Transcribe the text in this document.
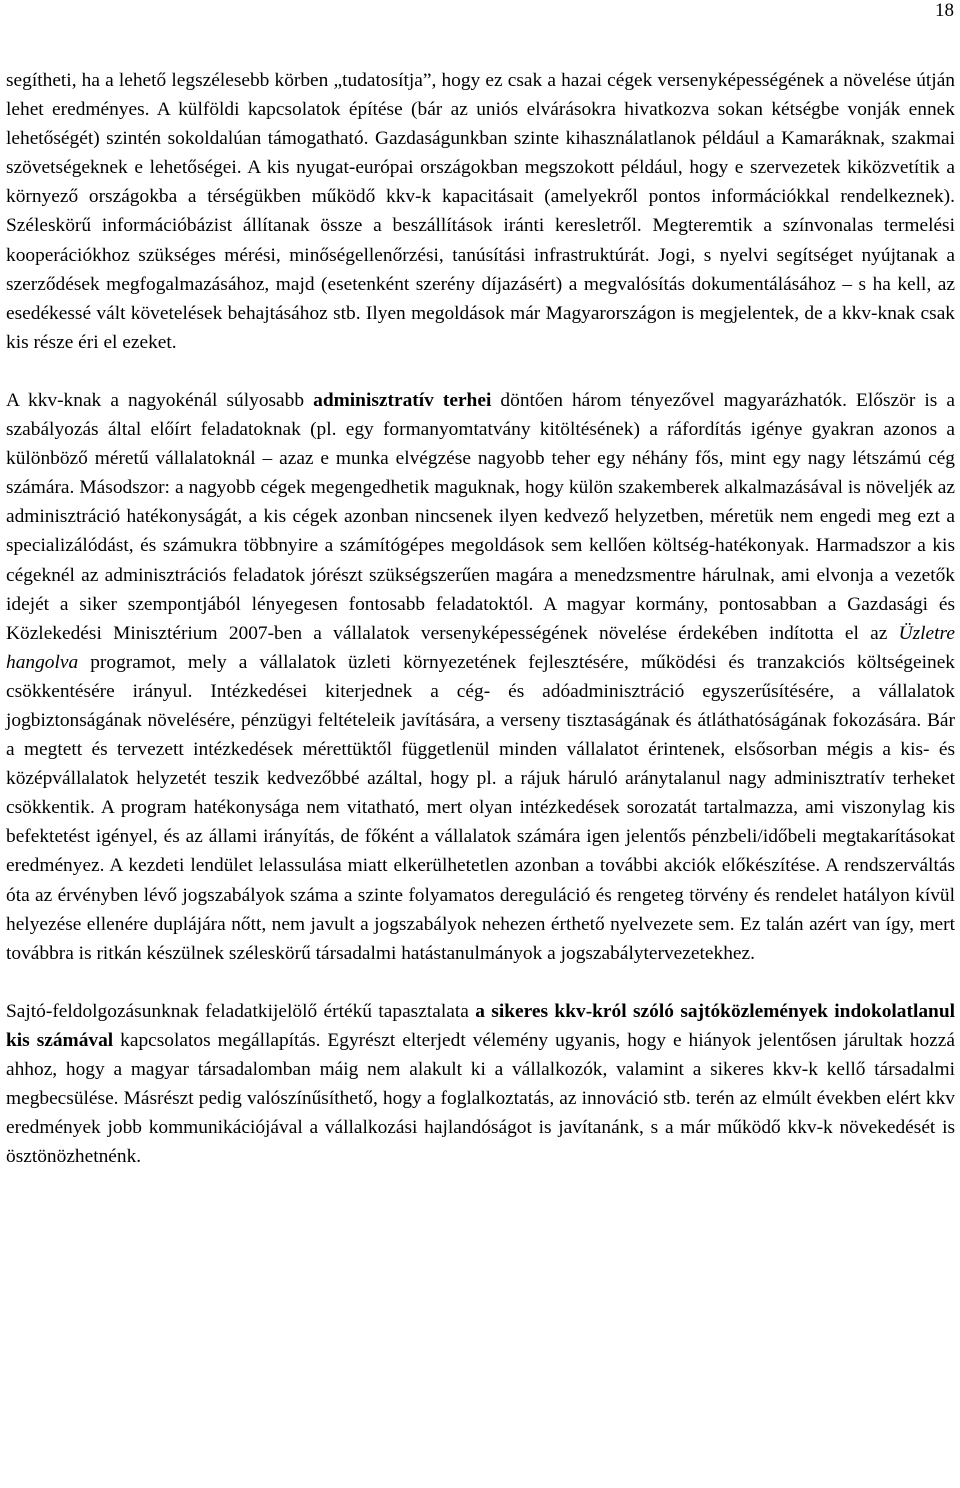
18

segítheti, ha a lehető legszélesebb körben „tudatosítja”, hogy ez csak a hazai cégek versenyképességének a növelése útján lehet eredményes. A külföldi kapcsolatok építése (bár az uniós elvárásokra hivatkozva sokan kétségbe vonják ennek lehetőségét) szintén sokoldalúan támogatható. Gazdaságunkban szinte kihasználatlanok például a Kamaráknak, szakmai szövetségeknek e lehetőségei. A kis nyugat-európai országokban megszokott például, hogy e szervezetek kiközvetítik a környező országokba a térségükben működő kkv-k kapacitásait (amelyekről pontos információkkal rendelkeznek). Széleskörű információbázist állítanak össze a beszállítások iránti keresletről. Megteremtik a színvonalas termelési kooperációkhoz szükséges mérési, minőségellenőrzési, tanúsítási infrastruktúrát. Jogi, s nyelvi segítséget nyújtanak a szerződések megfogalmazásához, majd (esetenként szerény díjazásért) a megvalósítás dokumentálásához – s ha kell, az esedékessé vált követelések behajtásához stb. Ilyen megoldások már Magyarországon is megjelentek, de a kkv-knak csak kis része éri el ezeket.

A kkv-knak a nagyokénál súlyosabb adminisztratív terhei döntően három tényezővel magyarázhatók. Először is a szabályozás által előírt feladatoknak (pl. egy formanyomtatvány kitöltésének) a ráfordítás igénye gyakran azonos a különböző méretű vállalatoknál – azaz e munka elvégzése nagyobb teher egy néhány fős, mint egy nagy létszámú cég számára. Másodszor: a nagyobb cégek megengedhetik maguknak, hogy külön szakemberek alkalmazásával is növeljék az adminisztráció hatékonyságát, a kis cégek azonban nincsenek ilyen kedvező helyzetben, méretük nem engedi meg ezt a specializálódást, és számukra többnyire a számítógépes megoldások sem kellően költség-hatékonyak. Harmadszor a kis cégeknél az adminisztrációs feladatok jórészt szükségszerűen magára a menedzsmentre hárulnak, ami elvonja a vezetők idejét a siker szempontjából lényegesen fontosabb feladatoktól. A magyar kormány, pontosabban a Gazdasági és Közlekedési Minisztérium 2007-ben a vállalatok versenyképességének növelése érdekében indította el az Üzletre hangolva programot, mely a vállalatok üzleti környezetének fejlesztésére, működési és tranzakciós költségeinek csökkentésére irányul. Intézkedései kiterjednek a cég- és adóadminisztráció egyszerűsítésére, a vállalatok jogbiztonságának növelésére, pénzügyi feltételeik javítására, a verseny tisztaságának és átláthatóságának fokozására. Bár a megtett és tervezett intézkedések mérettüktől függetlenül minden vállalatot érintenek, elsősorban mégis a kis- és középvállalatok helyzetét teszik kedvezőbbé azáltal, hogy pl. a rájuk háruló aránytalanul nagy adminisztratív terheket csökkentik. A program hatékonysága nem vitatható, mert olyan intézkedések sorozatát tartalmazza, ami viszonylag kis befektetést igényel, és az állami irányítás, de főként a vállalatok számára igen jelentős pénzbeli/időbeli megtakarításokat eredményez. A kezdeti lendület lelassulása miatt elkerülhetetlen azonban a további akciók előkészítése. A rendszerváltás óta az érvényben lévő jogszabályok száma a szinte folyamatos dereguláció és rengeteg törvény és rendelet hatályon kívül helyezése ellenére duplájára nőtt, nem javult a jogszabályok nehezen érthető nyelvezete sem. Ez talán azért van így, mert továbbra is ritkán készülnek széleskörű társadalmi hatástanulmányok a jogszabálytervezetekhez.

Sajtó-feldolgozásunknak feladatkijelölő értékű tapasztalata a sikeres kkv-król szóló sajtóközlemények indokolatlanul kis számával kapcsolatos megállapítás. Egyrészt elterjedt vélemény ugyanis, hogy e hiányok jelentősen járultak hozzá ahhoz, hogy a magyar társadalomban máig nem alakult ki a vállalkozók, valamint a sikeres kkv-k kellő társadalmi megbecsülése. Másrészt pedig valószínűsíthető, hogy a foglalkoztatás, az innováció stb. terén az elmúlt években elért kkv eredmények jobb kommunikációjával a vállalkozási hajlandóságot is javítanánk, s a már működő kkv-k növekedését is ösztönözhetnénk.
